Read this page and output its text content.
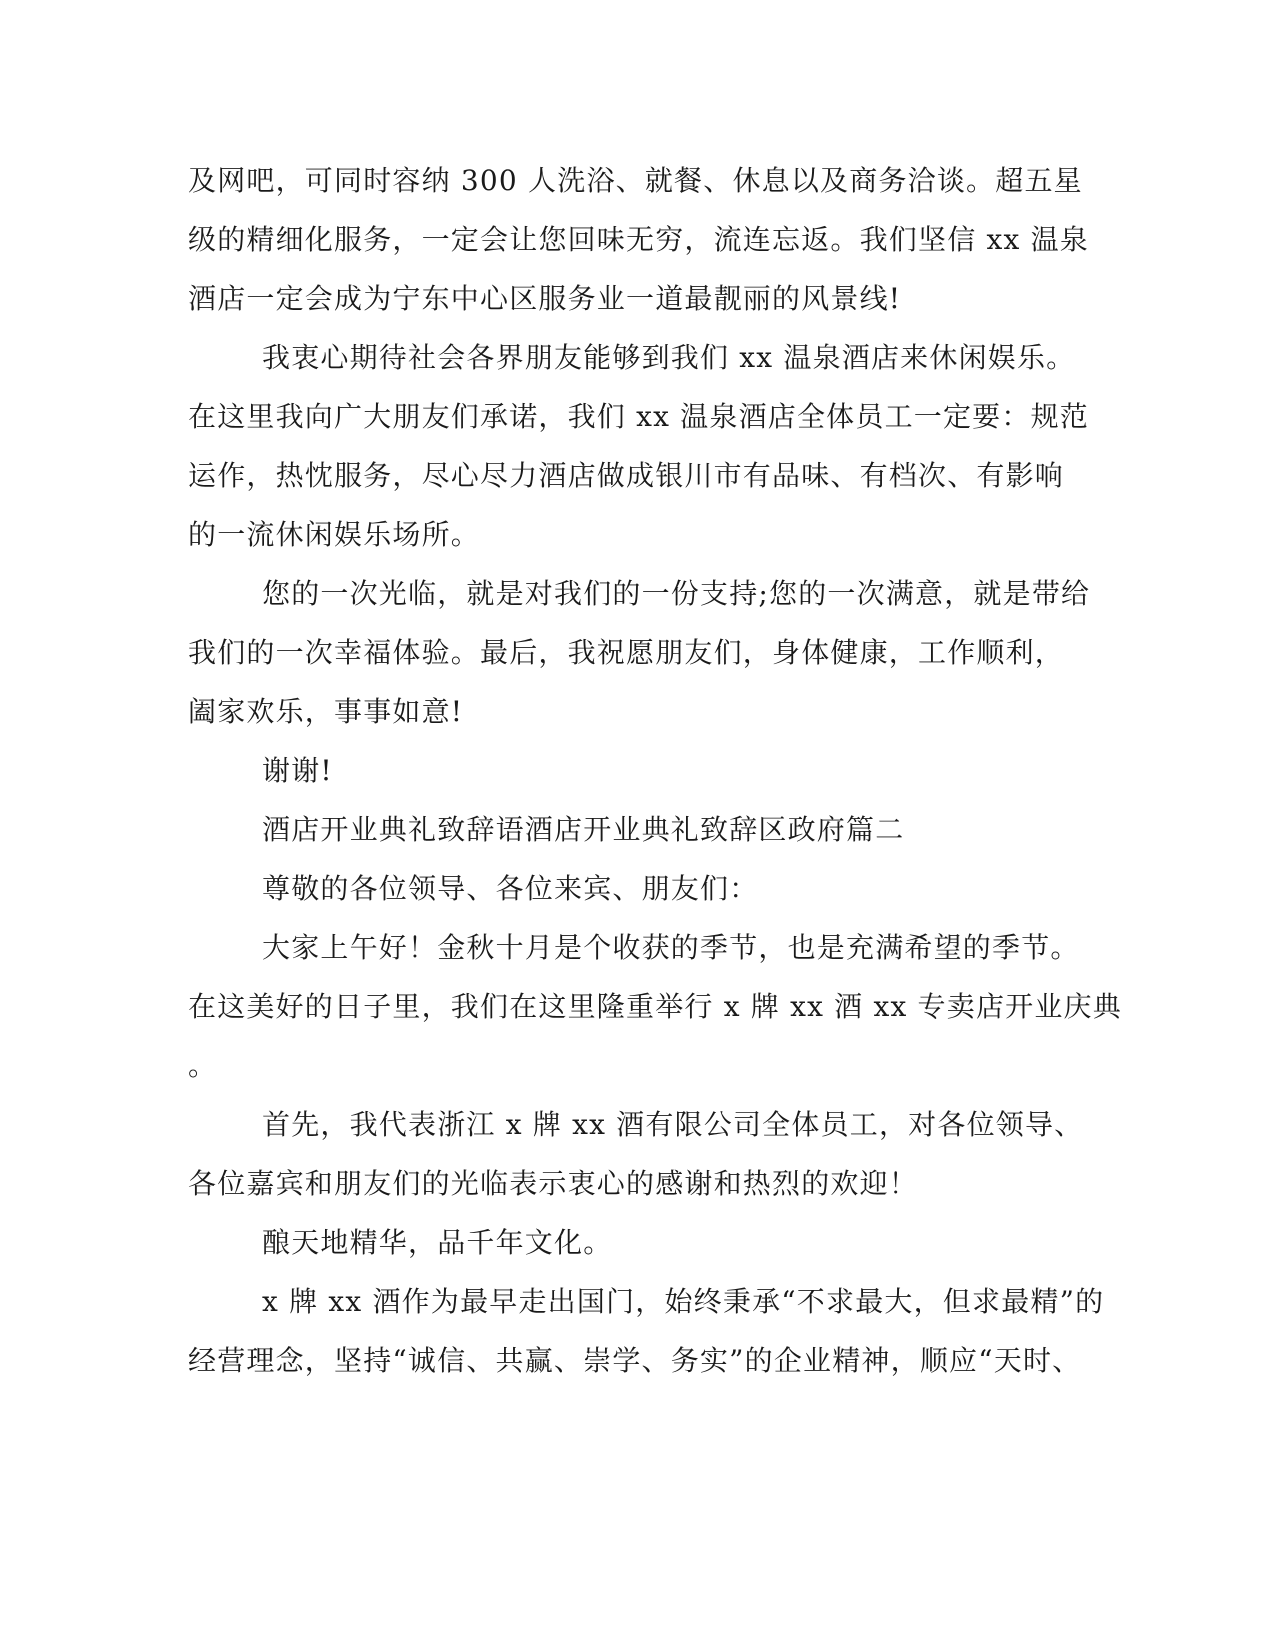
及网吧，可同时容纳 300 人洗浴、就餐、休息以及商务洽谈。超五星
级的精细化服务，一定会让您回味无穷，流连忘返。我们坚信 xx 温泉
酒店一定会成为宁东中心区服务业一道最靓丽的风景线!
我衷心期待社会各界朋友能够到我们 xx 温泉酒店来休闲娱乐。
在这里我向广大朋友们承诺，我们 xx 温泉酒店全体员工一定要：规范
运作，热忱服务，尽心尽力酒店做成银川市有品味、有档次、有影响
的一流休闲娱乐场所。
您的一次光临，就是对我们的一份支持;您的一次满意，就是带给
我们的一次幸福体验。最后，我祝愿朋友们，身体健康，工作顺利，
阖家欢乐，事事如意!
谢谢!
酒店开业典礼致辞语酒店开业典礼致辞区政府篇二
尊敬的各位领导、各位来宾、朋友们：
大家上午好！金秋十月是个收获的季节，也是充满希望的季节。
在这美好的日子里，我们在这里隆重举行 x 牌 xx 酒 xx 专卖店开业庆典
。
首先，我代表浙江 x 牌 xx 酒有限公司全体员工，对各位领导、
各位嘉宾和朋友们的光临表示衷心的感谢和热烈的欢迎！
酿天地精华，品千年文化。
x 牌 xx 酒作为最早走出国门，始终秉承“不求最大，但求最精”的
经营理念，坚持“诚信、共赢、崇学、务实”的企业精神，顺应“天时、
